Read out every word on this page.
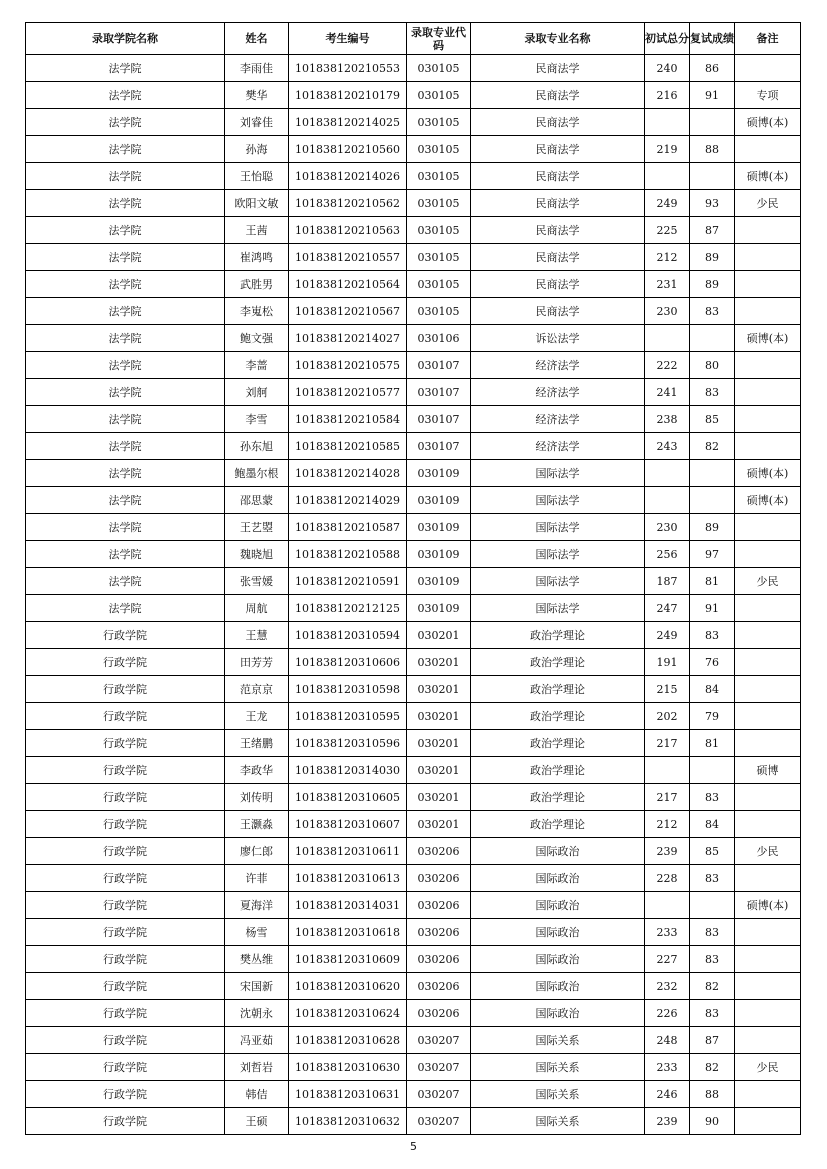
录取学院名称	姓名	考生编号	录取专业代码	录取专业名称	初试总分	复试成绩	备注
法学院	李雨佳	101838120210553	030105	民商法学	240	86	
法学院	樊华	101838120210179	030105	民商法学	216	91	专项
法学院	刘睿佳	101838120214025	030105	民商法学			硕博(本)
法学院	孙海	101838120210560	030105	民商法学	219	88	
法学院	王怡聪	101838120214026	030105	民商法学			硕博(本)
法学院	欧阳文敏	101838120210562	030105	民商法学	249	93	少民
法学院	王茜	101838120210563	030105	民商法学	225	87	
法学院	崔鸿鸣	101838120210557	030105	民商法学	212	89	
法学院	武胜男	101838120210564	030105	民商法学	231	89	
法学院	李嵬松	101838120210567	030105	民商法学	230	83	
法学院	鲍文强	101838120214027	030106	诉讼法学			硕博(本)
法学院	李蔷	101838120210575	030107	经济法学	222	80	
法学院	刘舸	101838120210577	030107	经济法学	241	83	
法学院	李雪	101838120210584	030107	经济法学	238	85	
法学院	孙东旭	101838120210585	030107	经济法学	243	82	
法学院	鲍墨尔根	101838120214028	030109	国际法学			硕博(本)
法学院	邵思蒙	101838120214029	030109	国际法学			硕博(本)
法学院	王艺曌	101838120210587	030109	国际法学	230	89	
法学院	魏晓旭	101838120210588	030109	国际法学	256	97	
法学院	张雪媛	101838120210591	030109	国际法学	187	81	少民
法学院	周航	101838120212125	030109	国际法学	247	91	
行政学院	王慧	101838120310594	030201	政治学理论	249	83	
行政学院	田芳芳	101838120310606	030201	政治学理论	191	76	
行政学院	范京京	101838120310598	030201	政治学理论	215	84	
行政学院	王龙	101838120310595	030201	政治学理论	202	79	
行政学院	王绪鹏	101838120310596	030201	政治学理论	217	81	
行政学院	李政华	101838120314030	030201	政治学理论			硕博
行政学院	刘传明	101838120310605	030201	政治学理论	217	83	
行政学院	王灏淼	101838120310607	030201	政治学理论	212	84	
行政学院	廖仁郎	101838120310611	030206	国际政治	239	85	少民
行政学院	许菲	101838120310613	030206	国际政治	228	83	
行政学院	夏海洋	101838120314031	030206	国际政治			硕博(本)
行政学院	杨雪	101838120310618	030206	国际政治	233	83	
行政学院	樊丛维	101838120310609	030206	国际政治	227	83	
行政学院	宋国新	101838120310620	030206	国际政治	232	82	
行政学院	沈朝永	101838120310624	030206	国际政治	226	83	
行政学院	冯亚茹	101838120310628	030207	国际关系	248	87	
行政学院	刘哲岩	101838120310630	030207	国际关系	233	82	少民
行政学院	韩佶	101838120310631	030207	国际关系	246	88	
行政学院	王硕	101838120310632	030207	国际关系	239	90	
5
